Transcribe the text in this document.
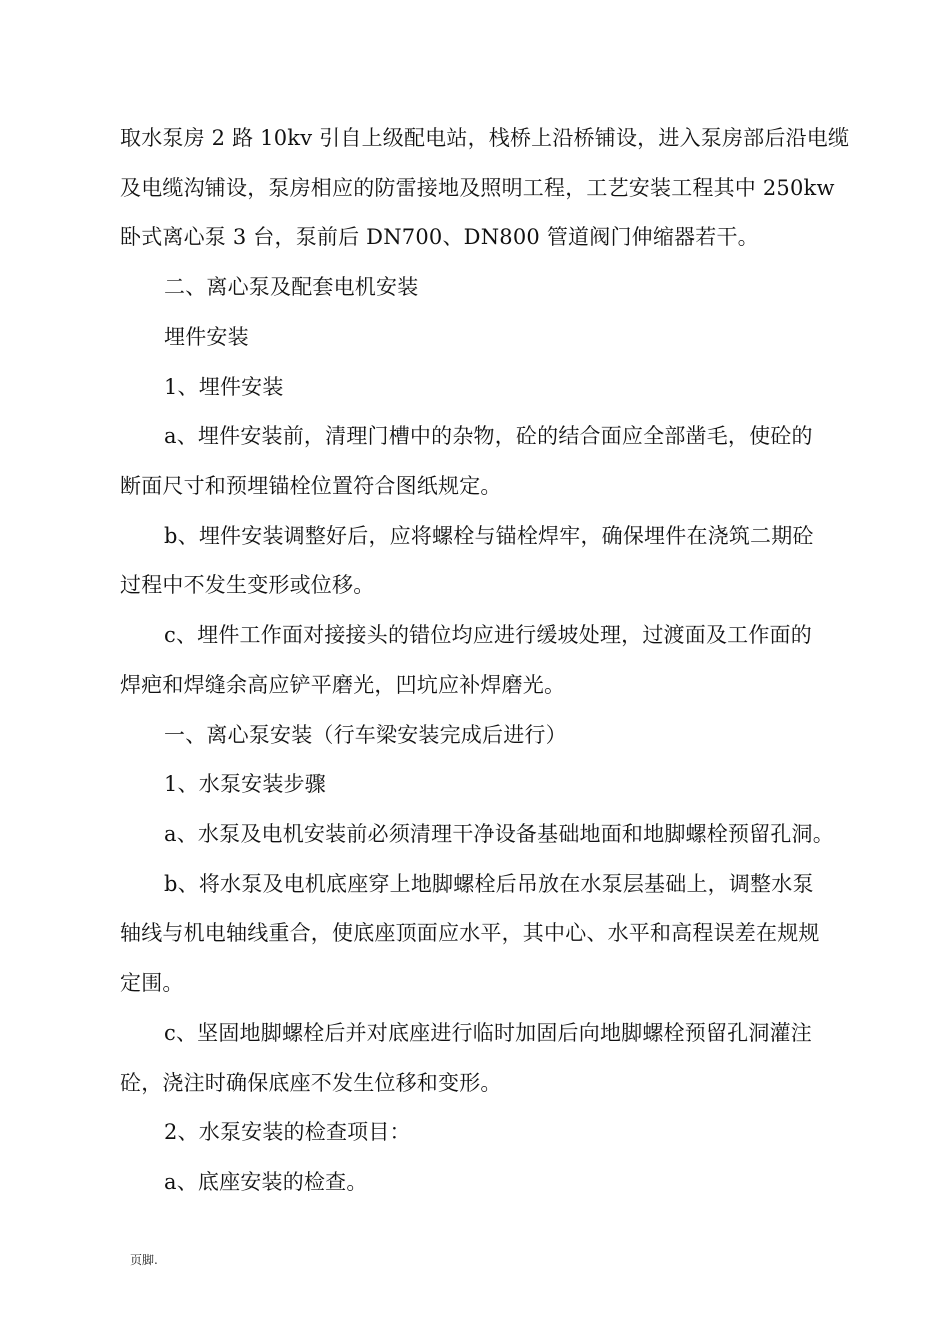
取水泵房 2 路 10kv 引自上级配电站，栈桥上沿桥铺设，进入泵房部后沿电缆
及电缆沟铺设，泵房相应的防雷接地及照明工程，工艺安装工程其中 250kw
卧式离心泵 3 台，泵前后 DN700、DN800 管道阀门伸缩器若干。
二、离心泵及配套电机安装
埋件安装
1、埋件安装
a、埋件安装前，清理门槽中的杂物，砼的结合面应全部凿毛，使砼的
断面尺寸和预埋锚栓位置符合图纸规定。
b、埋件安装调整好后，应将螺栓与锚栓焊牢，确保埋件在浇筑二期砼
过程中不发生变形或位移。
c、埋件工作面对接接头的错位均应进行缓坡处理，过渡面及工作面的
焊疤和焊缝余高应铲平磨光，凹坑应补焊磨光。
一、离心泵安装（行车梁安装完成后进行）
1、水泵安装步骤
a、水泵及电机安装前必须清理干净设备基础地面和地脚螺栓预留孔洞。
b、将水泵及电机底座穿上地脚螺栓后吊放在水泵层基础上，调整水泵
轴线与机电轴线重合，使底座顶面应水平，其中心、水平和高程误差在规规
定围。
c、坚固地脚螺栓后并对底座进行临时加固后向地脚螺栓预留孔洞灌注
砼，浇注时确保底座不发生位移和变形。
2、水泵安装的检查项目：
a、底座安装的检查。
页脚.
